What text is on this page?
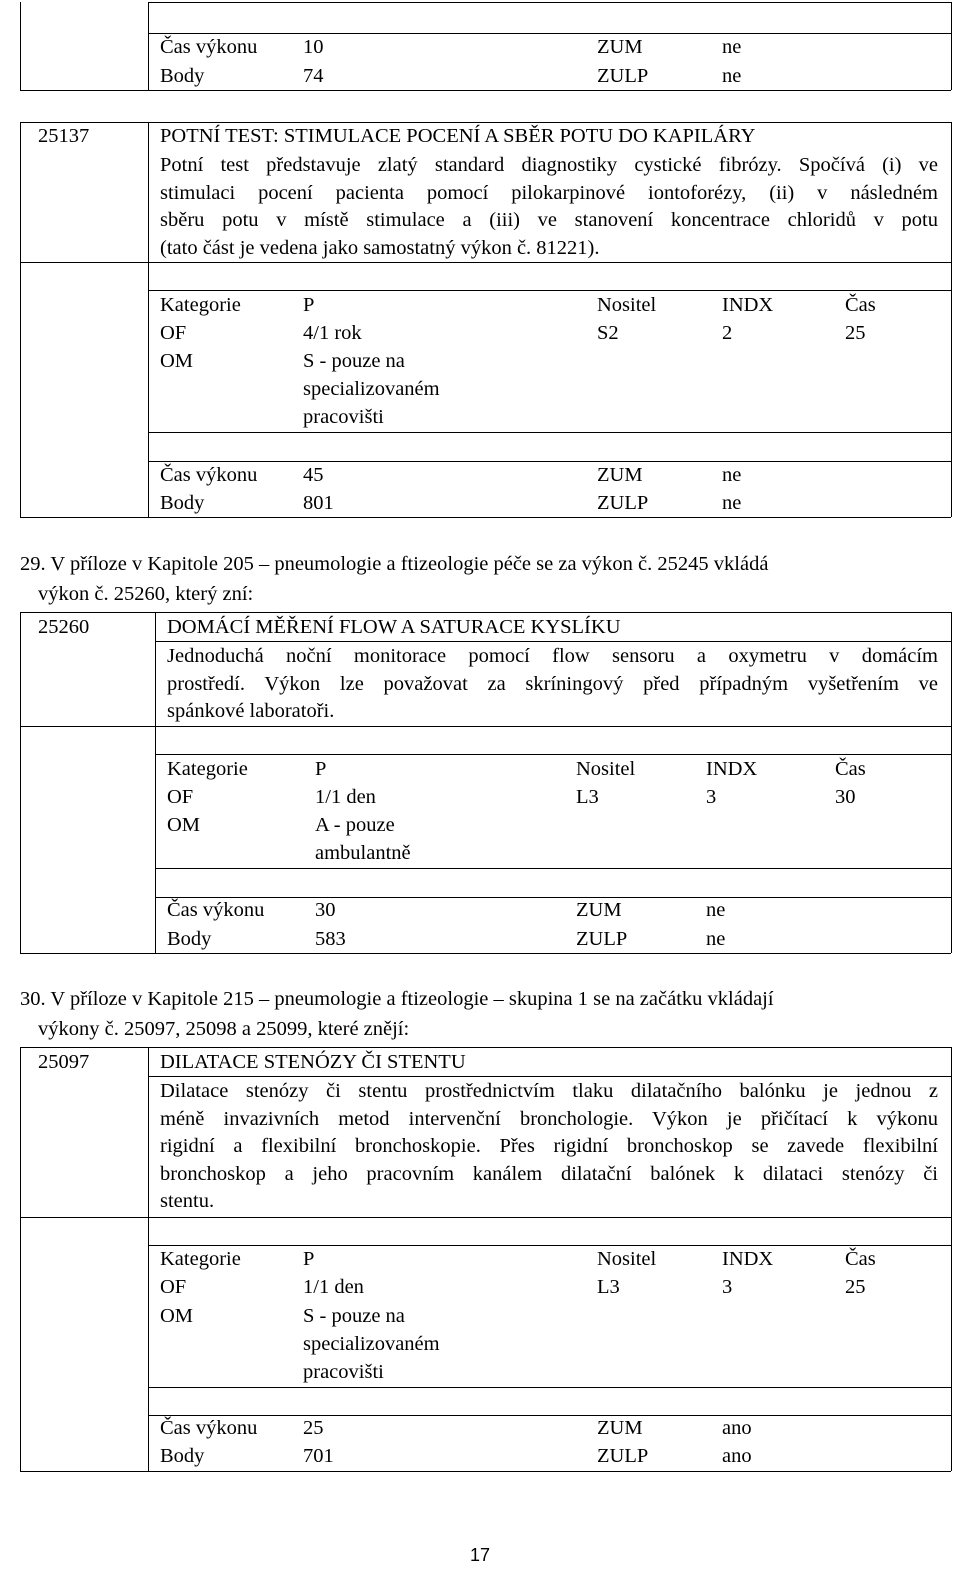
Čas výkonu 10	ZUM	ne
Body	74	ZULP	ne
25137	POTNÍ TEST: STIMULACE POCENÍ A SBĚR POTU DO KAPILÁRY
Potní test představuje zlatý standard diagnostiky cystické fibrózy. Spočívá (i) ve
stimulaci pocení pacienta pomocí pilokarpinové iontoforézy, (ii) v následném
sběru potu v místě stimulace a (iii) ve stanovení koncentrace chloridů v potu
(tato část je vedena jako samostatný výkon č. 81221).
Kategorie	P	Nositel	INDX	Čas
OF	4/1 rok	S2	2	25
OM	S - pouze na
specializovaném
pracovišti
Čas výkonu 45	ZUM	ne
Body	801	ZULP	ne
29. V příloze v Kapitole 205 – pneumologie a ftizeologie péče se za výkon č. 25245 vkládá
výkon č. 25260, který zní:
25260	DOMÁCÍ MĚŘENÍ FLOW A SATURACE KYSLÍKU
Jednoduchá noční monitorace pomocí flow sensoru a oxymetru v domácím
prostředí. Výkon lze považovat za skríningový před případným vyšetřením ve
spánkové laboratoři.
Kategorie	P	Nositel	INDX	Čas
OF	1/1 den	L3	3	30
OM	A - pouze
ambulantně
Čas výkonu 30	ZUM	ne
Body	583	ZULP	ne
30. V příloze v Kapitole 215 – pneumologie a ftizeologie – skupina 1 se na začátku vkládají
výkony č. 25097, 25098 a 25099, které znějí:
25097	DILATACE STENÓZY ČI STENTU
Dilatace stenózy či stentu prostřednictvím tlaku dilatačního balónku je jednou z
méně invazivních metod intervenční bronchologie. Výkon je přičítací k výkonu
rigidní a flexibilní bronchoskopie. Přes rigidní bronchoskop se zavede flexibilní
bronchoskop a jeho pracovním kanálem dilatační balónek k dilataci stenózy či
stentu.
Kategorie	P	Nositel	INDX	Čas
OF	1/1 den	L3	3	25
OM	S - pouze na
specializovaném
pracovišti
Čas výkonu 25	ZUM	ano
Body	701	ZULP	ano
17
